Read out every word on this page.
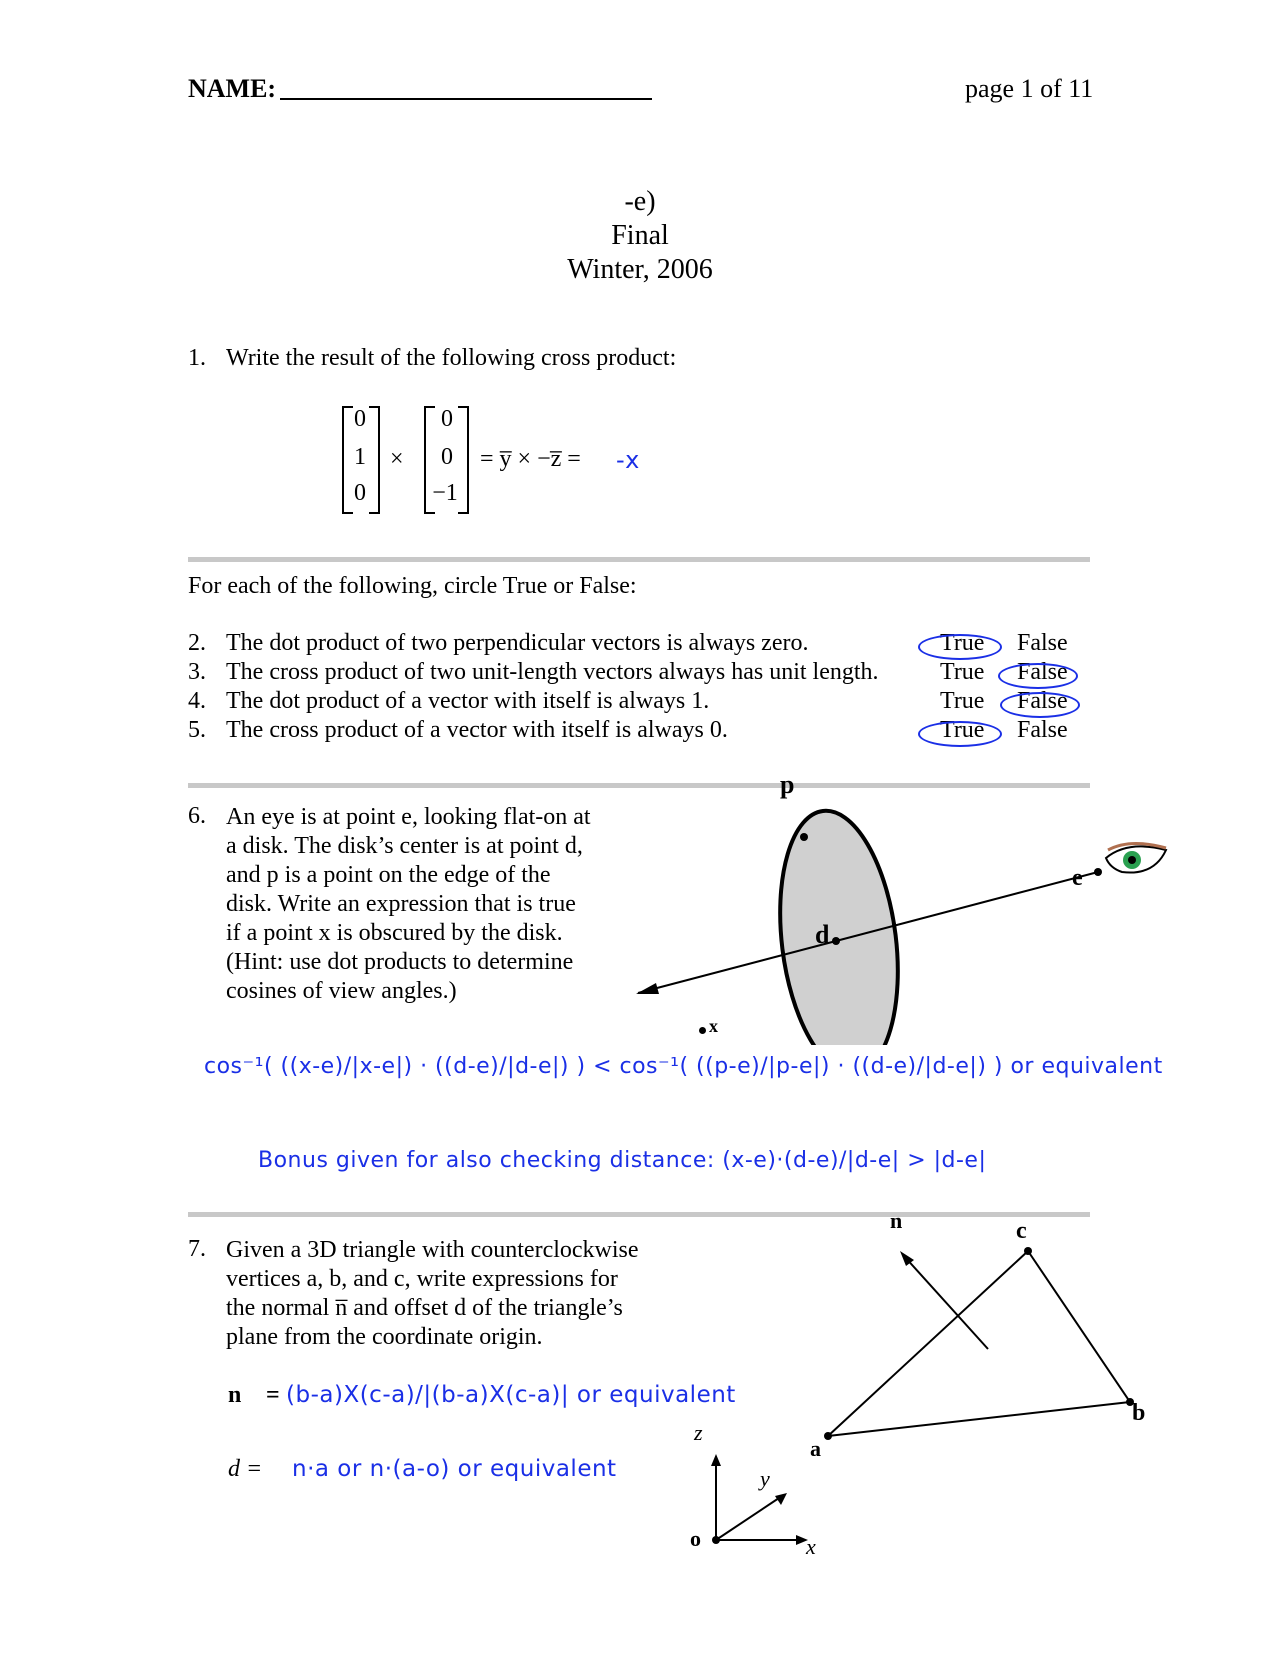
NAME:	page 1 of 11
-e)
Final
Winter, 2006
1. Write the result of the following cross product:
0
1
0
×
0
0
−1
= y̅ × −z̅ = -x
For each of the following, circle True or False:
2. The dot product of two perpendicular vectors is always zero.	True False
3. The cross product of two unit-length vectors always has unit length.	True False
4. The dot product of a vector with itself is always 1.	True False
5. The cross product of a vector with itself is always 0.	True False
6. An eye is at point e, looking flat-on at
a disk. The disk’s center is at point d,
and p is a point on the edge of the
disk. Write an expression that is true
if a point x is obscured by the disk.
(Hint: use dot products to determine
cosines of view angles.)
p
d
e
x
cos⁻¹( ((x-e)/|x-e|) · ((d-e)/|d-e|) ) < cos⁻¹( ((p-e)/|p-e|) · ((d-e)/|d-e|) ) or equivalent
Bonus given for also checking distance: (x-e)·(d-e)/|d-e| > |d-e|
7. Given a 3D triangle with counterclockwise
vertices a, b, and c, write expressions for
the normal n̅ and offset d of the triangle’s
plane from the coordinate origin.
n⃗ = (b-a)X(c-a)/|(b-a)X(c-a)| or equivalent
d = n·a or n·(a-o) or equivalent
n⃗	c
b
a
o
z
y
x
